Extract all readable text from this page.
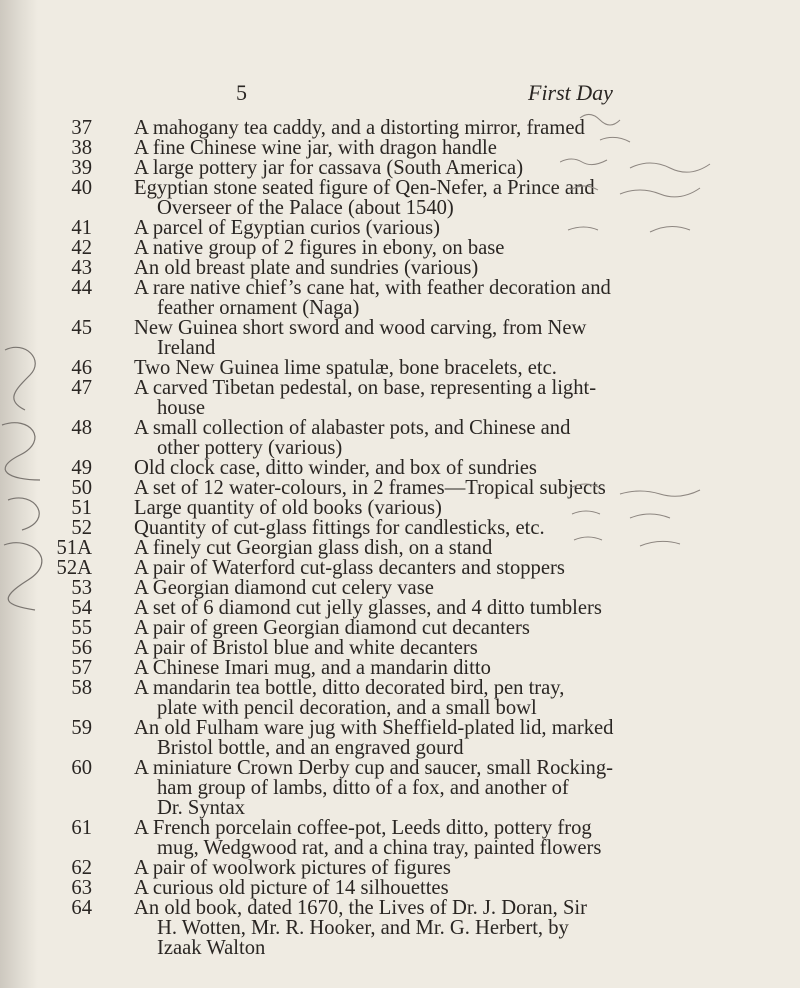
5	First Day
37 A mahogany tea caddy, and a distorting mirror, framed
38 A fine Chinese wine jar, with dragon handle
39 A large pottery jar for cassava (South America)
40 Egyptian stone seated figure of Qen-Nefer, a Prince and
Overseer of the Palace (about 1540)
41 A parcel of Egyptian curios (various)
42 A native group of 2 figures in ebony, on base
43 An old breast plate and sundries (various)
44 A rare native chief’s cane hat, with feather decoration and
feather ornament (Naga)
45 New Guinea short sword and wood carving, from New
Ireland
46 Two New Guinea lime spatulæ, bone bracelets, etc.
47 A carved Tibetan pedestal, on base, representing a light-
house
48 A small collection of alabaster pots, and Chinese and
other pottery (various)
49 Old clock case, ditto winder, and box of sundries
50 A set of 12 water-colours, in 2 frames—Tropical subjects
51 Large quantity of old books (various)
52 Quantity of cut-glass fittings for candlesticks, etc.
51A A finely cut Georgian glass dish, on a stand
52A A pair of Waterford cut-glass decanters and stoppers
53 A Georgian diamond cut celery vase
54 A set of 6 diamond cut jelly glasses, and 4 ditto tumblers
55 A pair of green Georgian diamond cut decanters
56 A pair of Bristol blue and white decanters
57 A Chinese Imari mug, and a mandarin ditto
58 A mandarin tea bottle, ditto decorated bird, pen tray,
plate with pencil decoration, and a small bowl
59 An old Fulham ware jug with Sheffield-plated lid, marked
Bristol bottle, and an engraved gourd
60 A miniature Crown Derby cup and saucer, small Rocking-
ham group of lambs, ditto of a fox, and another of
Dr. Syntax
61 A French porcelain coffee-pot, Leeds ditto, pottery frog
mug, Wedgwood rat, and a china tray, painted flowers
62 A pair of woolwork pictures of figures
63 A curious old picture of 14 silhouettes
64 An old book, dated 1670, the Lives of Dr. J. Doran, Sir
H. Wotten, Mr. R. Hooker, and Mr. G. Herbert, by
Izaak Walton
